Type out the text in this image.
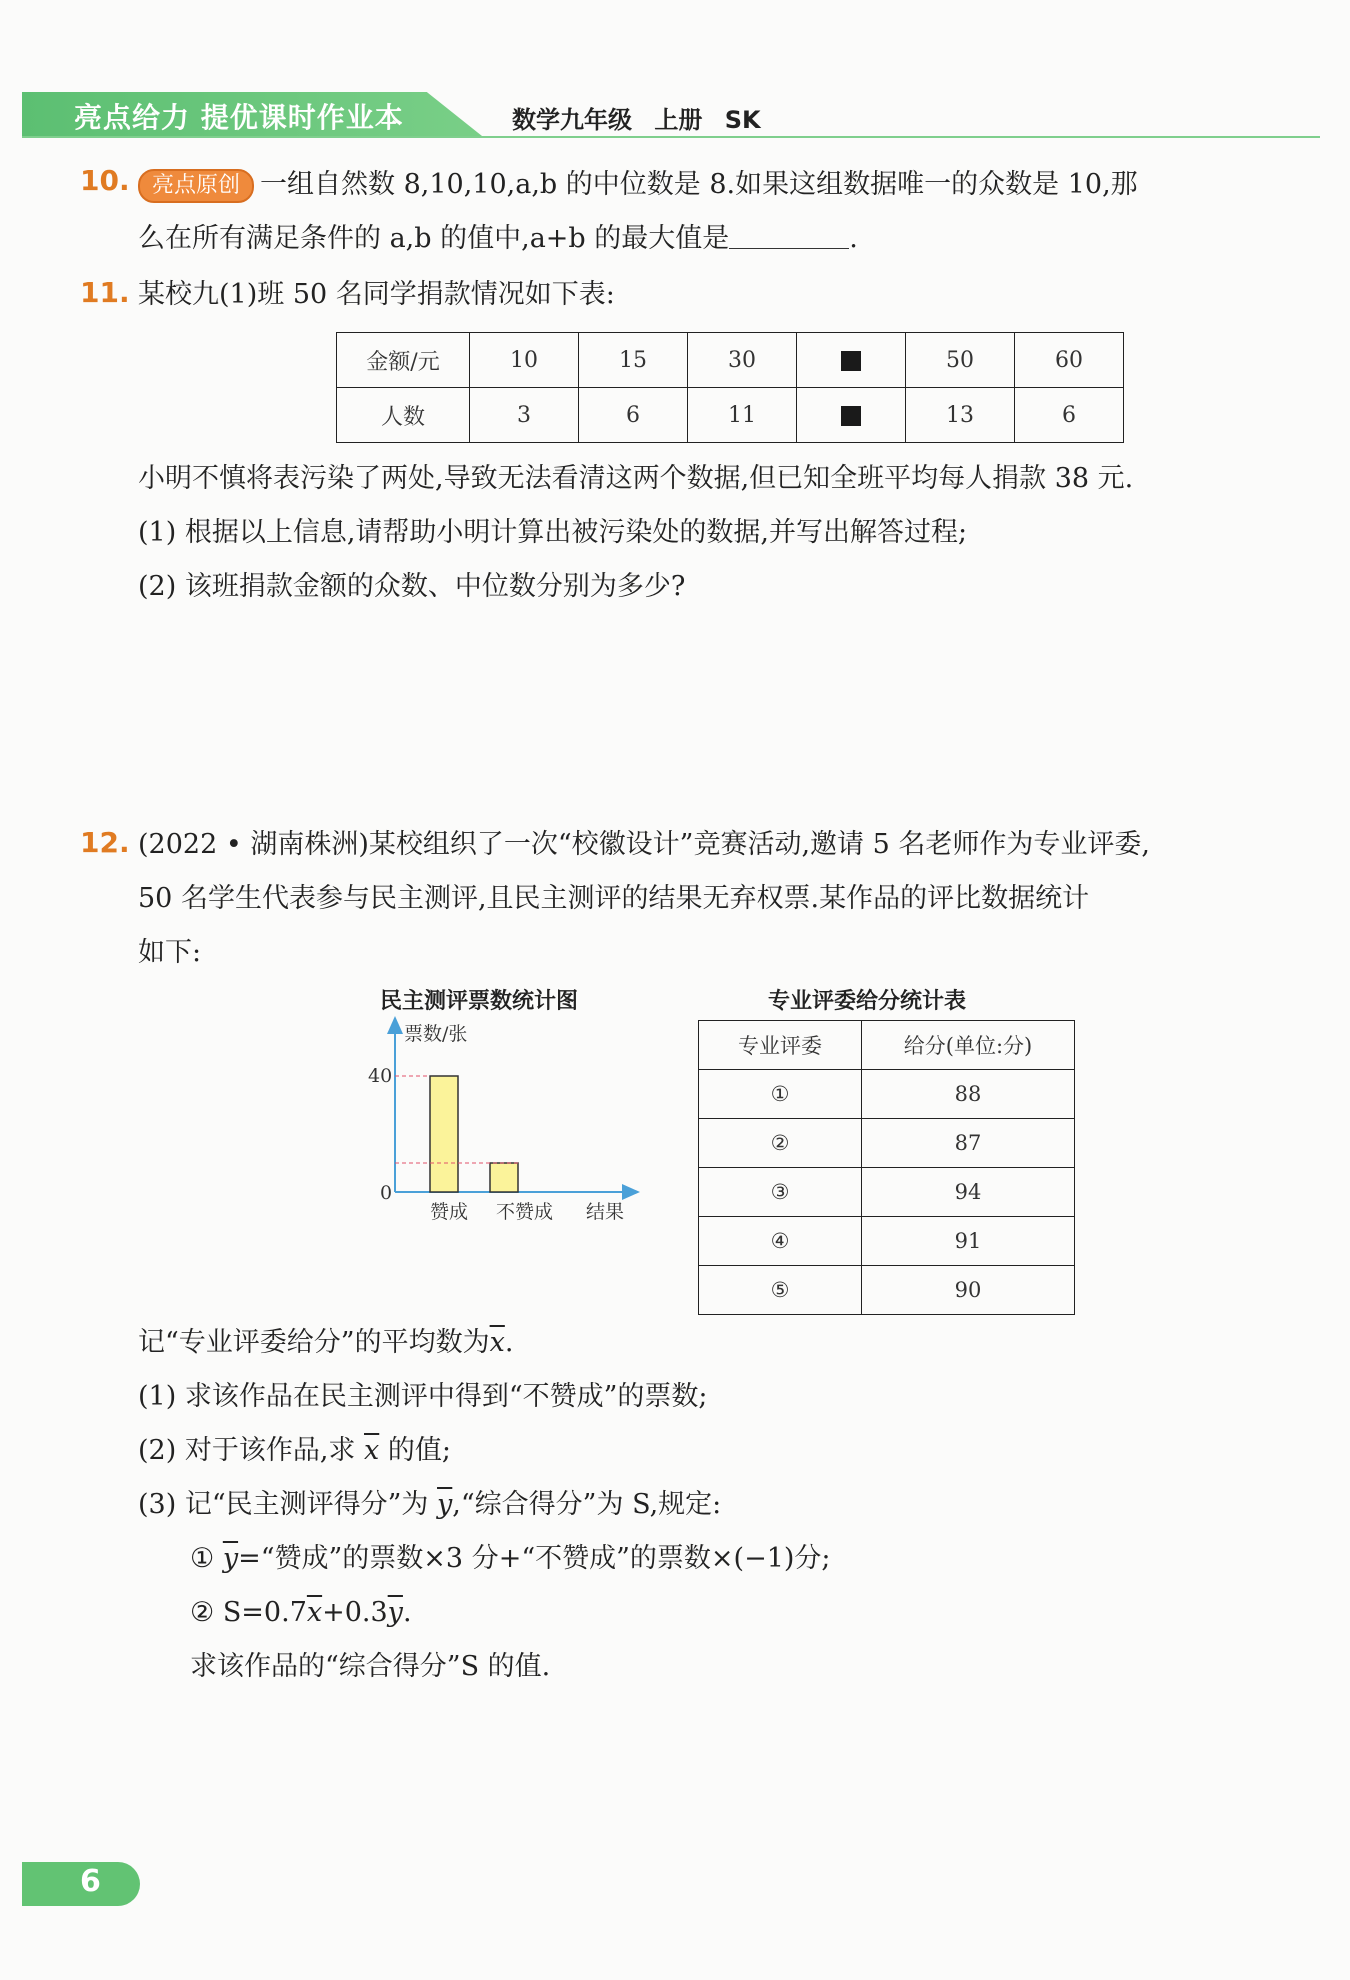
亮点给力 提优课时作业本	数学九年级 上册 SK
10.	亮点原创 一组自然数 8,10,10,a,b 的中位数是 8.如果这组数据唯一的众数是 10,那
么在所有满足条件的 a,b 的值中,a+b 的最大值是	.
11. 某校九(1)班 50 名同学捐款情况如下表:
金额/元	10	15	30		50	60
人数	3	6	11		13	6
小明不慎将表污染了两处,导致无法看清这两个数据,但已知全班平均每人捐款 38 元.
(1) 根据以上信息,请帮助小明计算出被污染处的数据,并写出解答过程;
(2) 该班捐款金额的众数、中位数分别为多少?
12. (2022 • 湖南株洲)某校组织了一次“校徽设计”竞赛活动,邀请 5 名老师作为专业评委,
50 名学生代表参与民主测评,且民主测评的结果无弃权票.某作品的评比数据统计
如下:
民主测评票数统计图
票数/张
40
0
赞成 不赞成 结果
专业评委给分统计表
专业评委	给分(单位:分)
①	88
②	87
③	94
④	91
⑤	90
记“专业评委给分”的平均数为$\overline{x}$.
(1) 求该作品在民主测评中得到“不赞成”的票数;
(2) 对于该作品,求 $\overline{x}$ 的值;
(3) 记“民主测评得分”为 $\overline{y},“$综合得分”为 S,规定:
① $\overline{y}=“$赞成”的票数×3 分+“不赞成”的票数×(−1)分;
② $S=0.7\overline{x}+0.3\overline{y}$.
求该作品的“综合得分”S 的值.
6
